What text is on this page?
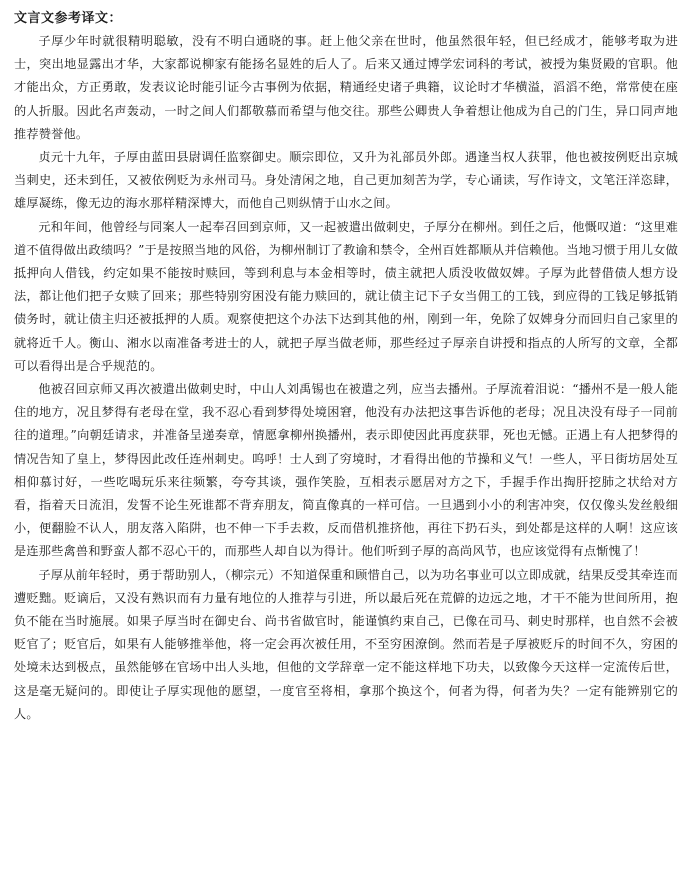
文言文参考译文：

子厚少年时就很精明聪敏，没有不明白通晓的事。赶上他父亲在世时，他虽然很年轻，但已经成才，能够考取为进士，突出地显露出才华，大家都说柳家有能扬名显姓的后人了。后来又通过博学宏词科的考试，被授为集贤殿的官职。他才能出众，方正勇敢，发表议论时能引证今古事例为依据，精通经史诸子典籍，议论时才华横溢，滔滔不绝，常常使在座的人折服。因此名声轰动，一时之间人们都敬慕而希望与他交往。那些公卿贵人争着想让他成为自己的门生，异口同声地推荐赞誉他。

贞元十九年，子厚由蓝田县尉调任监察御史。顺宗即位，又升为礼部员外郎。遇逢当权人获罪，他也被按例贬出京城当刺史，还未到任，又被依例贬为永州司马。身处清闲之地，自己更加刻苦为学，专心诵读，写作诗文，文笔汪洋恣肆，雄厚凝练，像无边的海水那样精深博大，而他自己则纵情于山水之间。

元和年间，他曾经与同案人一起奉召回到京师，又一起被遣出做刺史，子厚分在柳州。到任之后，他慨叹道：“这里难道不值得做出政绩吗？”于是按照当地的风俗，为柳州制订了教谕和禁令，全州百姓都顺从并信赖他。当地习惯于用儿女做抵押向人借钱，约定如果不能按时赎回，等到利息与本金相等时，债主就把人质没收做奴婢。子厚为此替借债人想方设法，都让他们把子女赎了回来；那些特别穷困没有能力赎回的，就让债主记下子女当佣工的工钱，到应得的工钱足够抵销债务时，就让债主归还被抵押的人质。观察使把这个办法下达到其他的州，刚到一年，免除了奴婢身分而回归自己家里的就将近千人。衡山、湘水以南准备考进士的人，就把子厚当做老师，那些经过子厚亲自讲授和指点的人所写的文章，全都可以看得出是合乎规范的。

他被召回京师又再次被遣出做刺史时，中山人刘禹锡也在被遣之列，应当去播州。子厚流着泪说：“播州不是一般人能住的地方，况且梦得有老母在堂，我不忍心看到梦得处境困窘，他没有办法把这事告诉他的老母；况且决没有母子一同前往的道理。”向朝廷请求，并准备呈递奏章，情愿拿柳州换播州，表示即使因此再度获罪，死也无憾。正遇上有人把梦得的情况告知了皇上，梦得因此改任连州刺史。呜呼！士人到了穷境时，才看得出他的节操和义气！一些人，平日街坊居处互相仰慕讨好，一些吃喝玩乐来往频繁，夸夸其谈，强作笑脸，互相表示愿居对方之下，手握手作出掏肝挖肺之状给对方看，指着天日流泪，发誓不论生死谁都不背弃朋友，简直像真的一样可信。一旦遇到小小的利害冲突，仅仅像头发丝般细小，便翻脸不认人，朋友落入陷阱，也不伸一下手去救，反而借机推挤他，再往下扔石头，到处都是这样的人啊！这应该是连那些禽兽和野蛮人都不忍心干的，而那些人却自以为得计。他们听到子厚的高尚风节，也应该觉得有点惭愧了！

子厚从前年轻时，勇于帮助别人，（柳宗元）不知道保重和顾惜自己，以为功名事业可以立即成就，结果反受其牵连而遭贬黜。贬谪后，又没有熟识而有力量有地位的人推荐与引进，所以最后死在荒僻的边远之地，才干不能为世间所用，抱负不能在当时施展。如果子厚当时在御史台、尚书省做官时，能谨慎约束自己，已像在司马、刺史时那样，也自然不会被贬官了；贬官后，如果有人能够推举他，将一定会再次被任用，不至穷困潦倒。然而若是子厚被贬斥的时间不久，穷困的处境未达到极点，虽然能够在官场中出人头地，但他的文学辞章一定不能这样地下功夫，以致像今天这样一定流传后世，这是毫无疑问的。即使让子厚实现他的愿望，一度官至将相，拿那个换这个，何者为得，何者为失？一定有能辨别它的人。
